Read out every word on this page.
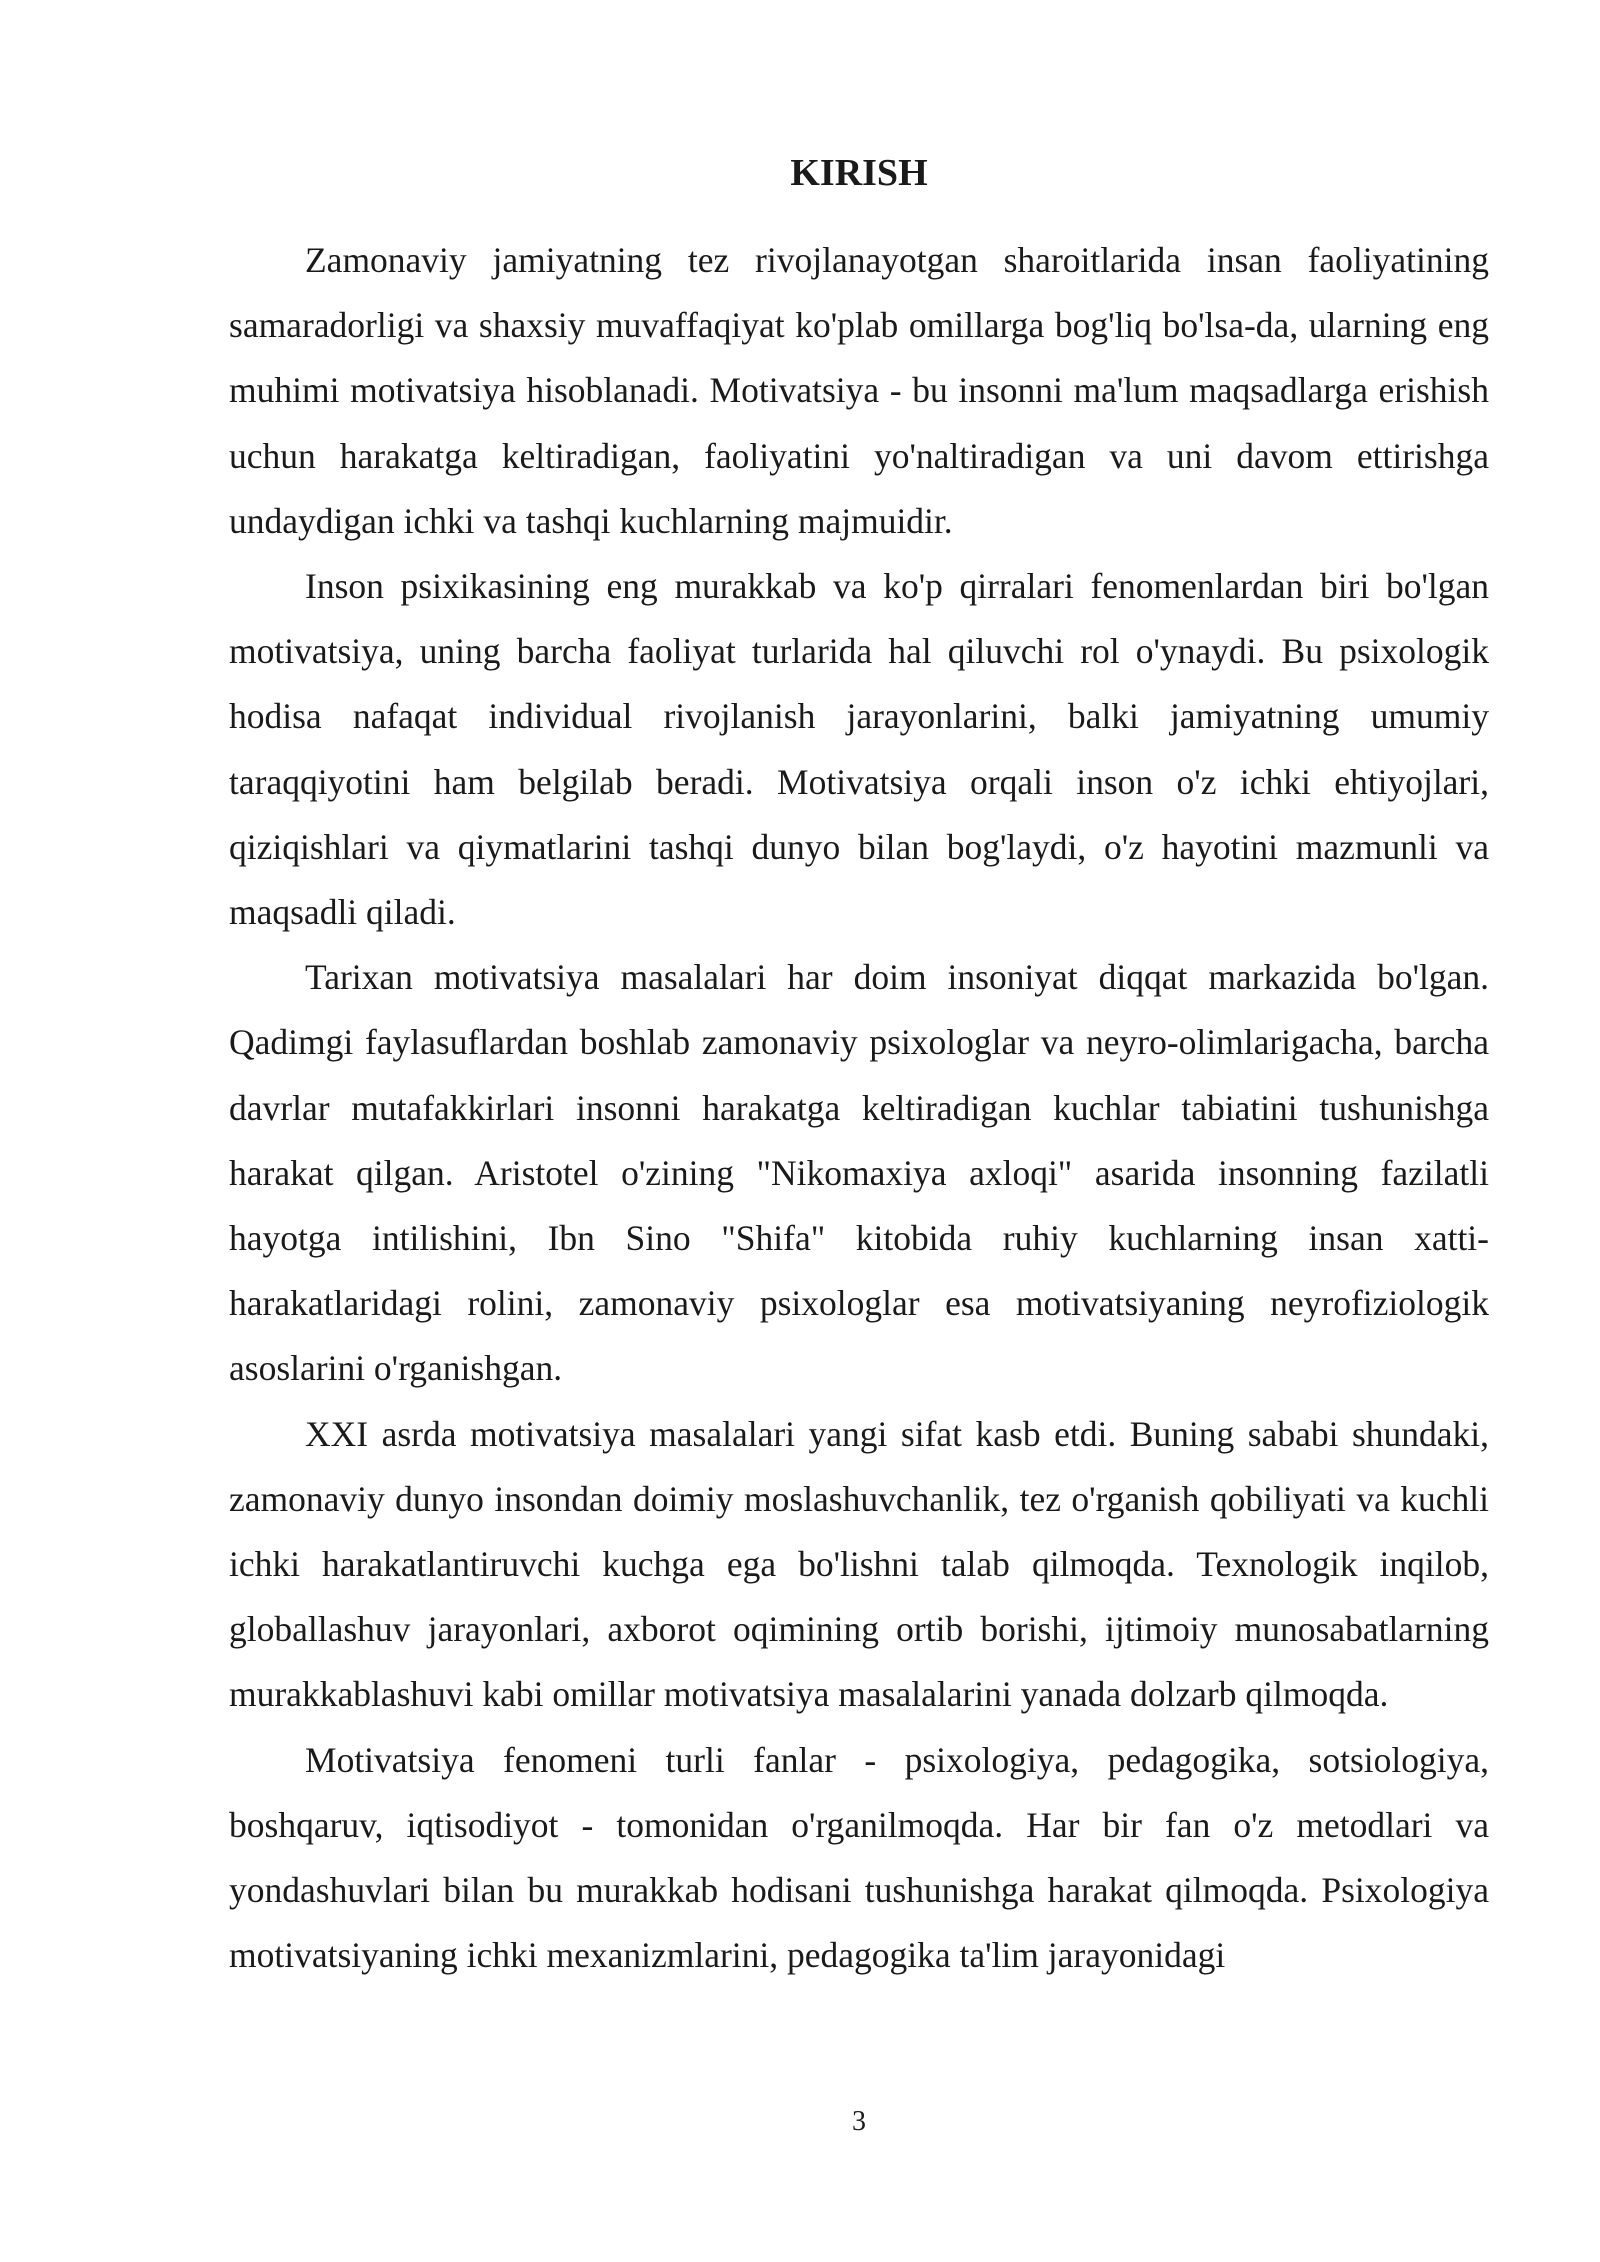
KIRISH

Zamonaviy jamiyatning tez rivojlanayotgan sharoitlarida insan faoliyatining samaradorligi va shaxsiy muvaffaqiyat ko'plab omillarga bog'liq bo'lsa-da, ularning eng muhimi motivatsiya hisoblanadi. Motivatsiya - bu insonni ma'lum maqsadlarga erishish uchun harakatga keltiradigan, faoliyatini yo'naltiradigan va uni davom ettirishga undaydigan ichki va tashqi kuchlarning majmuidir.

Inson psixikasining eng murakkab va ko'p qirralari fenomenlardan biri bo'lgan motivatsiya, uning barcha faoliyat turlarida hal qiluvchi rol o'ynaydi. Bu psixologik hodisa nafaqat individual rivojlanish jarayonlarini, balki jamiyatning umumiy taraqqiyotini ham belgilab beradi. Motivatsiya orqali inson o'z ichki ehtiyojlari, qiziqishlari va qiymatlarini tashqi dunyo bilan bog'laydi, o'z hayotini mazmunli va maqsadli qiladi.

Tarixan motivatsiya masalalari har doim insoniyat diqqat markazida bo'lgan. Qadimgi faylasuflardan boshlab zamonaviy psixologlar va neyro-olimlarigacha, barcha davrlar mutafakkirlari insonni harakatga keltiradigan kuchlar tabiatini tushunishga harakat qilgan. Aristotel o'zining "Nikomaxiya axloqi" asarida insonning fazilatli hayotga intilishini, Ibn Sino "Shifa" kitobida ruhiy kuchlarning insan xatti-harakatlaridagi rolini, zamonaviy psixologlar esa motivatsiyaning neyrofiziologik asoslarini o'rganishgan.

XXI asrda motivatsiya masalalari yangi sifat kasb etdi. Buning sababi shundaki, zamonaviy dunyo insondan doimiy moslashuvchanlik, tez o'rganish qobiliyati va kuchli ichki harakatlantiruvchi kuchga ega bo'lishni talab qilmoqda. Texnologik inqilob, globallashuv jarayonlari, axborot oqimining ortib borishi, ijtimoiy munosabatlarning murakkablashuvi kabi omillar motivatsiya masalalarini yanada dolzarb qilmoqda.

Motivatsiya fenomeni turli fanlar - psixologiya, pedagogika, sotsiologiya, boshqaruv, iqtisodiyot - tomonidan o'rganilmoqda. Har bir fan o'z metodlari va yondashuvlari bilan bu murakkab hodisani tushunishga harakat qilmoqda. Psixologiya motivatsiyaning ichki mexanizmlarini, pedagogika ta'lim jarayonidagi

3
